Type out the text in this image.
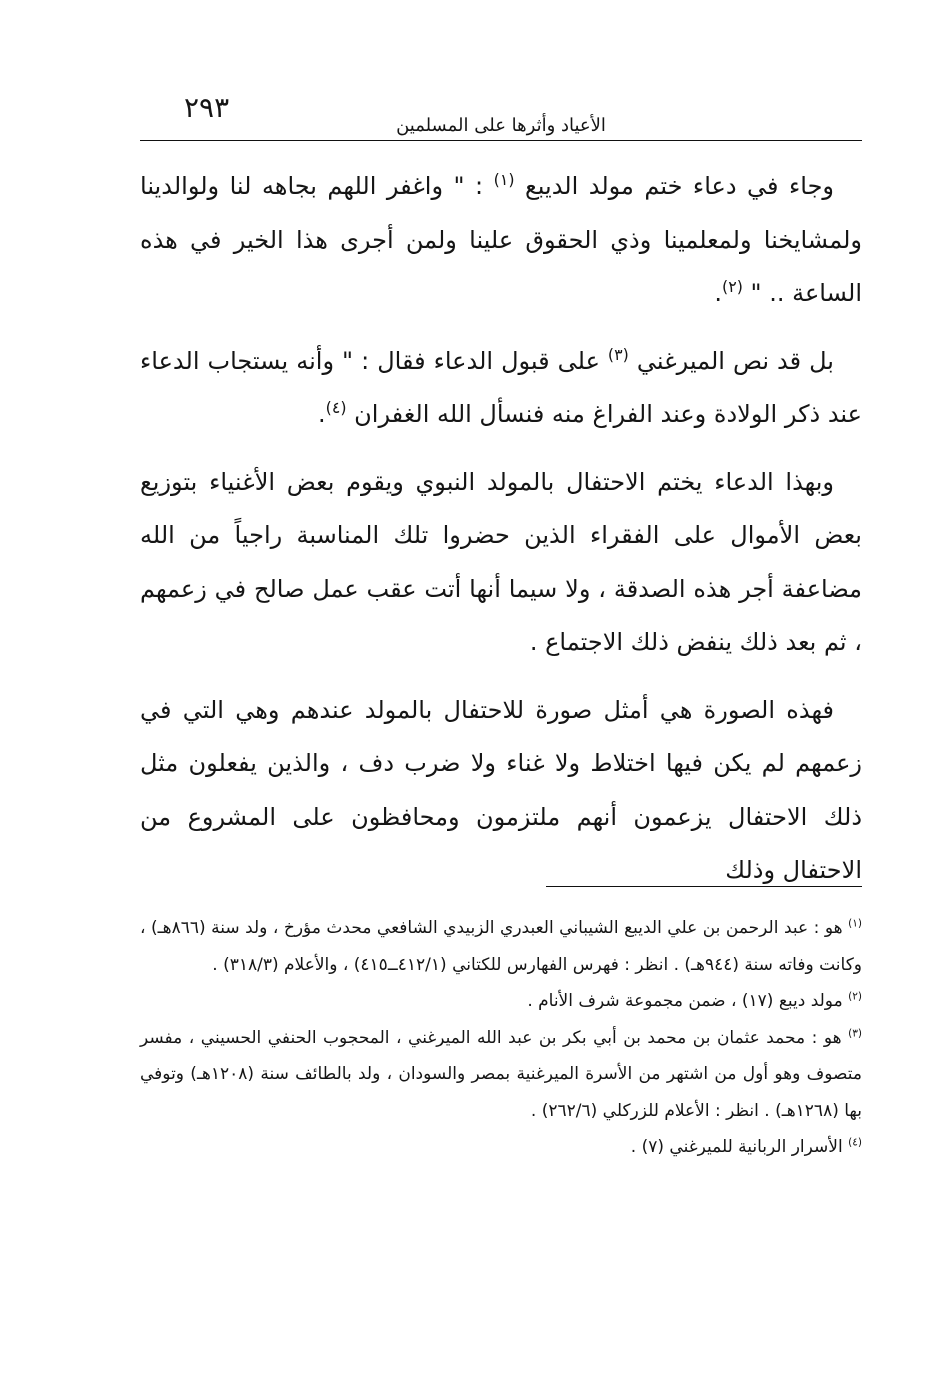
٢٩٣
الأعياد وأثرها على المسلمين

وجاء في دعاء ختم مولد الديبع $^{(١)}$ : " واغفر اللهم بجاهه لنا ولوالدينا ولمشايخنا ولمعلمينا وذي الحقوق علينا ولمن أجرى هذا الخير في هذه الساعة .. " $^{(٢)}$.

بل قد نص الميرغني $^{(٣)}$ على قبول الدعاء فقال : " وأنه يستجاب الدعاء عند ذكر الولادة وعند الفراغ منه فنسأل الله الغفران $^{(٤)}$.

وبهذا الدعاء يختم الاحتفال بالمولد النبوي ويقوم بعض الأغنياء بتوزيع بعض الأموال على الفقراء الذين حضروا تلك المناسبة راجياً من الله مضاعفة أجر هذه الصدقة ، ولا سيما أنها أتت عقب عمل صالح في زعمهم ، ثم بعد ذلك ينفض ذلك الاجتماع .

فهذه الصورة هي أمثل صورة للاحتفال بالمولد عندهم وهي التي في زعمهم لم يكن فيها اختلاط ولا غناء ولا ضرب دف ، والذين يفعلون مثل ذلك الاحتفال يزعمون أنهم ملتزمون ومحافظون على المشروع من الاحتفال وذلك

$^{(١)}$ هو : عبد الرحمن بن علي الديبع الشيباني العبدري الزبيدي الشافعي محدث مؤرخ ، ولد سنة (٨٦٦هـ) ، وكانت وفاته سنة (٩٤٤هـ) . انظر : فهرس الفهارس للكتاني (٤١٢/١ــ٤١٥) ، والأعلام (٣١٨/٣) .

$^{(٢)}$ مولد ديبع (١٧) ، ضمن مجموعة شرف الأنام .

$^{(٣)}$ هو : محمد عثمان بن محمد بن أبي بكر بن عبد الله الميرغني ، المحجوب الحنفي الحسيني ، مفسر متصوف وهو أول من اشتهر من الأسرة الميرغنية بمصر والسودان ، ولد بالطائف سنة (١٢٠٨هـ) وتوفي بها (١٢٦٨هـ) . انظر : الأعلام للزركلي (٢٦٢/٦) .

$^{(٤)}$ الأسرار الربانية للميرغني (٧) .
